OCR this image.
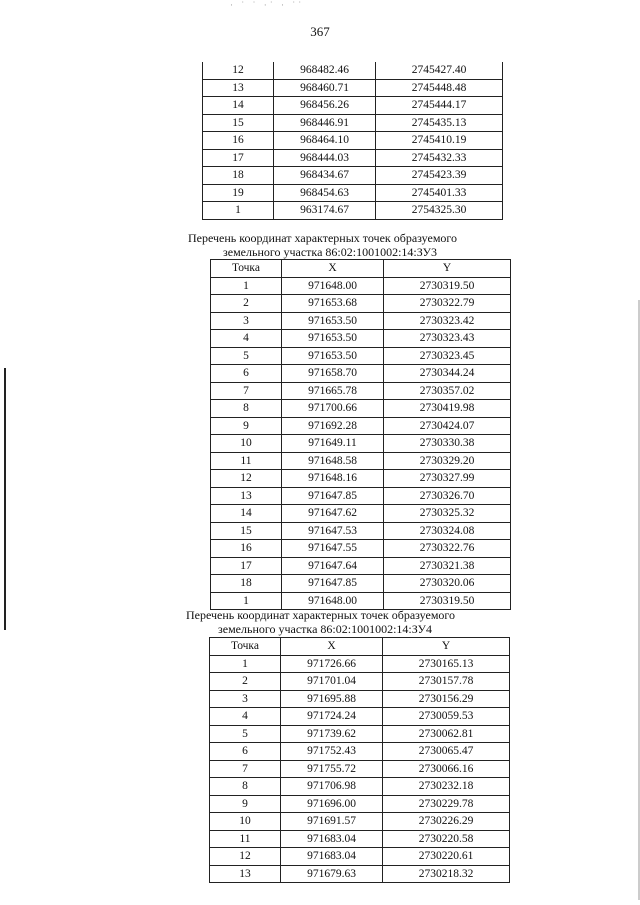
· ˙ ˙ ·˙ · ˙˙
367
12	968482.46	2745427.40
13	968460.71	2745448.48
14	968456.26	2745444.17
15	968446.91	2745435.13
16	968464.10	2745410.19
17	968444.03	2745432.33
18	968434.67	2745423.39
19	968454.63	2745401.33
1	963174.67	2754325.30
Перечень координат характерных точек образуемого
земельного участка 86:02:1001002:14:ЗУ3
Точка	X	Y
1	971648.00	2730319.50
2	971653.68	2730322.79
3	971653.50	2730323.42
4	971653.50	2730323.43
5	971653.50	2730323.45
6	971658.70	2730344.24
7	971665.78	2730357.02
8	971700.66	2730419.98
9	971692.28	2730424.07
10	971649.11	2730330.38
11	971648.58	2730329.20
12	971648.16	2730327.99
13	971647.85	2730326.70
14	971647.62	2730325.32
15	971647.53	2730324.08
16	971647.55	2730322.76
17	971647.64	2730321.38
18	971647.85	2730320.06
1	971648.00	2730319.50
Перечень координат характерных точек образуемого
земельного участка 86:02:1001002:14:ЗУ4
Точка	X	Y
1	971726.66	2730165.13
2	971701.04	2730157.78
3	971695.88	2730156.29
4	971724.24	2730059.53
5	971739.62	2730062.81
6	971752.43	2730065.47
7	971755.72	2730066.16
8	971706.98	2730232.18
9	971696.00	2730229.78
10	971691.57	2730226.29
11	971683.04	2730220.58
12	971683.04	2730220.61
13	971679.63	2730218.32
